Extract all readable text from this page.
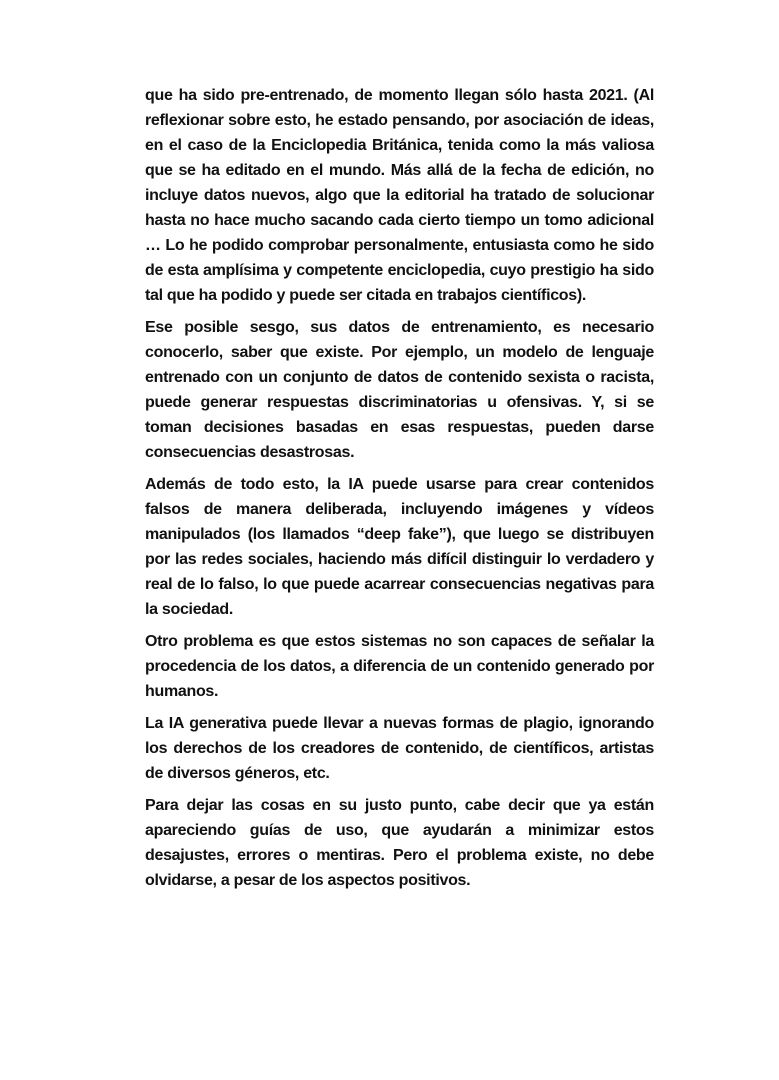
que ha sido pre-entrenado, de momento llegan sólo hasta 2021. (Al reflexionar sobre esto, he estado pensando, por asociación de ideas, en el caso de la Enciclopedia Británica, tenida como la más valiosa que se ha editado en el mundo. Más allá de la fecha de edición, no incluye datos nuevos, algo que la editorial ha tratado de solucionar hasta no hace mucho sacando cada cierto tiempo un tomo adicional … Lo he podido comprobar personalmente, entusiasta como he sido de esta amplísima y competente enciclopedia, cuyo prestigio ha sido tal que ha podido y puede ser citada en trabajos científicos).

Ese posible sesgo, sus datos de entrenamiento, es necesario conocerlo, saber que existe. Por ejemplo, un modelo de lenguaje entrenado con un conjunto de datos de contenido sexista o racista, puede generar respuestas discriminatorias u ofensivas. Y, si se toman decisiones basadas en esas respuestas, pueden darse consecuencias desastrosas.

Además de todo esto, la IA puede usarse para crear contenidos falsos de manera deliberada, incluyendo imágenes y vídeos manipulados (los llamados “deep fake”), que luego se distribuyen por las redes sociales, haciendo más difícil distinguir lo verdadero y real de lo falso, lo que puede acarrear consecuencias negativas para la sociedad.

Otro problema es que estos sistemas no son capaces de señalar la procedencia de los datos, a diferencia de un contenido generado por humanos.

La IA generativa puede llevar a nuevas formas de plagio, ignorando los derechos de los creadores de contenido, de científicos, artistas de diversos géneros, etc.

Para dejar las cosas en su justo punto, cabe decir que ya están apareciendo guías de uso, que ayudarán a minimizar estos desajustes, errores o mentiras. Pero el problema existe, no debe olvidarse, a pesar de los aspectos positivos.
